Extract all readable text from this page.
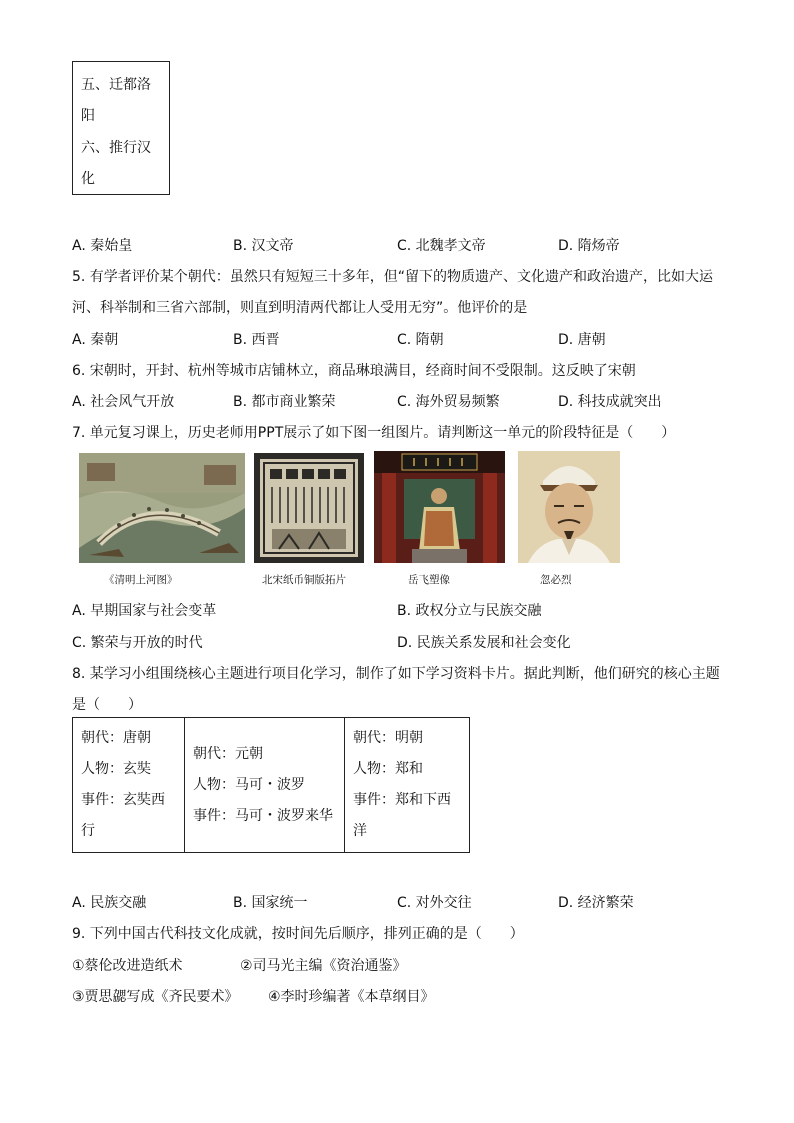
五、迁都洛
阳
六、推行汉
化
A. 秦始皇	B. 汉文帝	C. 北魏孝文帝	D. 隋炀帝
5. 有学者评价某个朝代：虽然只有短短三十多年，但“留下的物质遗产、文化遗产和政治遗产，比如大运
河、科举制和三省六部制，则直到明清两代都让人受用无穷”。他评价的是
A. 秦朝	B. 西晋	C. 隋朝	D. 唐朝
6. 宋朝时，开封、杭州等城市店铺林立，商品琳琅满目，经商时间不受限制。这反映了宋朝
A. 社会风气开放	B. 都市商业繁荣	C. 海外贸易频繁	D. 科技成就突出
7. 单元复习课上，历史老师用PPT展示了如下图一组图片。请判断这一单元的阶段特征是（　　）
《清明上河图》	北宋纸币铜版拓片	岳飞塑像	忽必烈
A. 早期国家与社会变革	B. 政权分立与民族交融
C. 繁荣与开放的时代	D. 民族关系发展和社会变化
8. 某学习小组围绕核心主题进行项目化学习，制作了如下学习资料卡片。据此判断，他们研究的核心主题
是（　　）
朝代：唐朝
人物：玄奘
事件：玄奘西
行

朝代：元朝
人物：马可・波罗
事件：马可・波罗来华

朝代：明朝
人物：郑和
事件：郑和下西
洋
A. 民族交融	B. 国家统一	C. 对外交往	D. 经济繁荣
9. 下列中国古代科技文化成就，按时间先后顺序，排列正确的是（　　）
①蔡伦改进造纸术	②司马光主编《资治通鉴》
③贾思勰写成《齐民要术》 ④李时珍编著《本草纲目》
